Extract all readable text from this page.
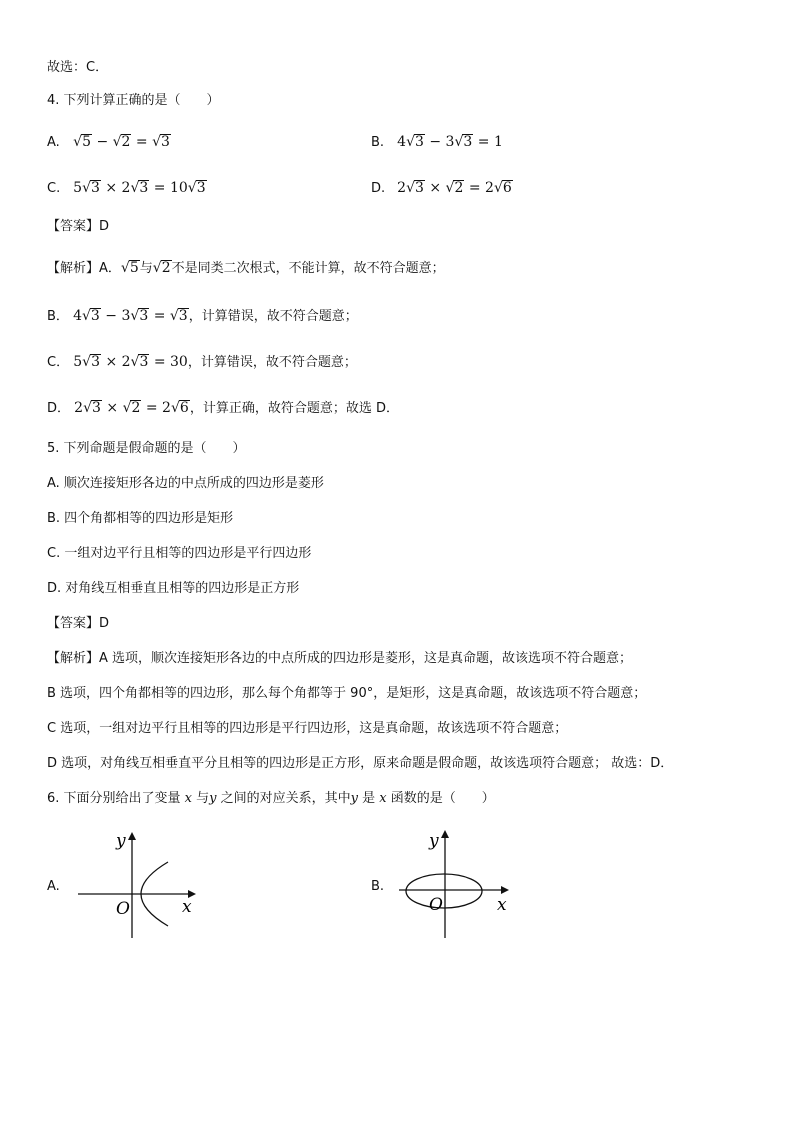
故选：C．
4. 下列计算正确的是（　　）
A. √5 − √2 = √3	B. 4√3 − 3√3 = 1
C. 5√3 × 2√3 = 10√3	D. 2√3 × √2 = 2√6
【答案】D
【解析】A．√5与√2不是同类二次根式，不能计算，故不符合题意；
B． 4√3 − 3√3 = √3，计算错误，故不符合题意；
C． 5√3 × 2√3 = 30，计算错误，故不符合题意；
D． 2√3 × √2 = 2√6，计算正确，故符合题意；故选 D．
5. 下列命题是假命题的是（　　）
A. 顺次连接矩形各边的中点所成的四边形是菱形
B. 四个角都相等的四边形是矩形
C. 一组对边平行且相等的四边形是平行四边形
D. 对角线互相垂直且相等的四边形是正方形
【答案】D
【解析】A 选项，顺次连接矩形各边的中点所成的四边形是菱形，这是真命题，故该选项不符合题意；
B 选项，四个角都相等的四边形，那么每个角都等于 90°，是矩形，这是真命题，故该选项不符合题意；
C 选项，一组对边平行且相等的四边形是平行四边形，这是真命题，故该选项不符合题意；
D 选项，对角线互相垂直平分且相等的四边形是正方形，原来命题是假命题，故该选项符合题意； 故选：D．
6. 下面分别给出了变量 x 与y 之间的对应关系，其中y 是 x 函数的是（　　）
A.
y
x
O
B.
y
x
O
